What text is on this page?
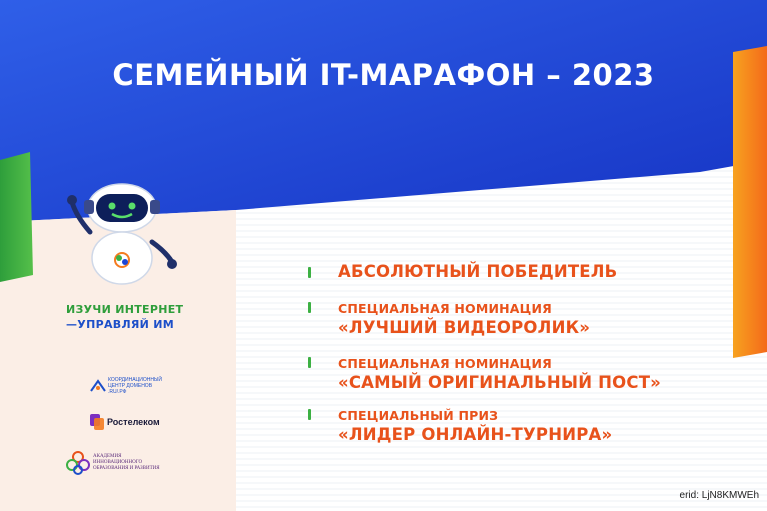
СЕМЕЙНЫЙ IT-МАРАФОН – 2023
ИЗУЧИ ИНТЕРНЕТ
—УПРАВЛЯЙ ИМ
КООРДИНАЦИОННЫЙ ЦЕНТР ДОМЕНОВ .RU/.РФ
Ростелеком
АКАДЕМИЯ ИННОВАЦИОННОГО ОБРАЗОВАНИЯ И РАЗВИТИЯ
АБСОЛЮТНЫЙ ПОБЕДИТЕЛЬ
СПЕЦИАЛЬНАЯ НОМИНАЦИЯ
«ЛУЧШИЙ ВИДЕОРОЛИК»
СПЕЦИАЛЬНАЯ НОМИНАЦИЯ
«САМЫЙ ОРИГИНАЛЬНЫЙ ПОСТ»
СПЕЦИАЛЬНЫЙ ПРИЗ
«ЛИДЕР ОНЛАЙН-ТУРНИРА»
erid: LjN8KMWEh
